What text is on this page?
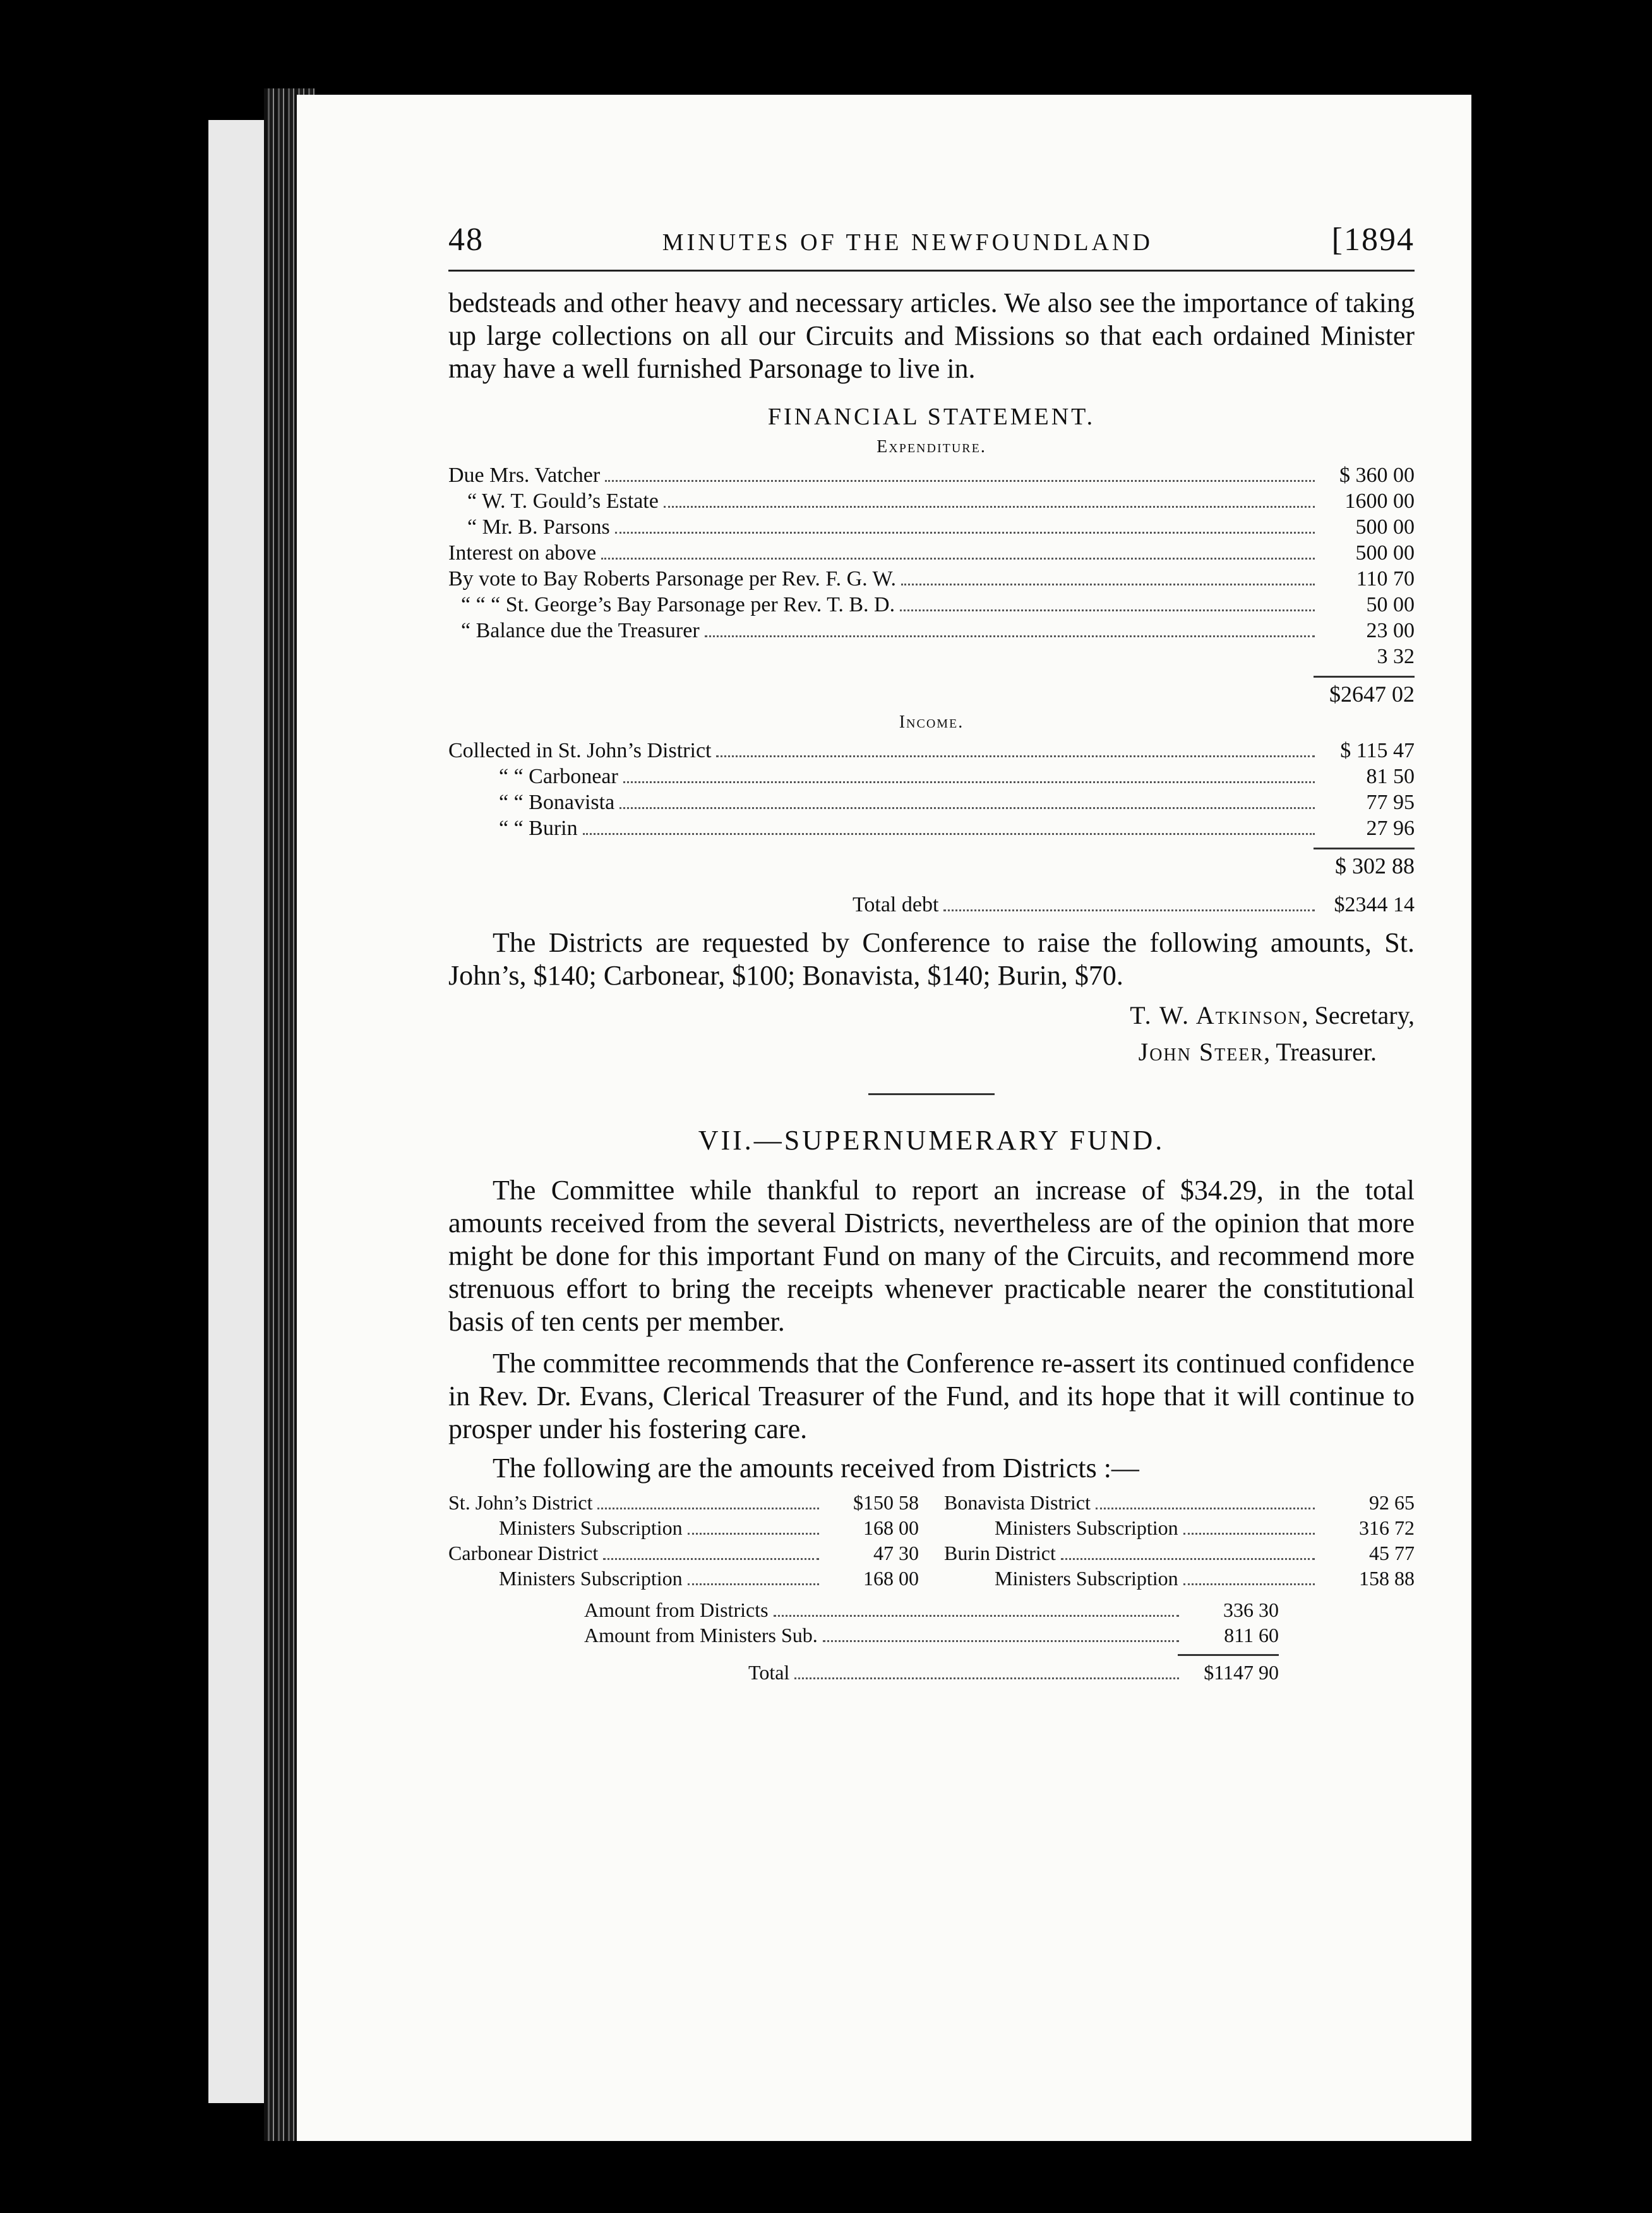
48	MINUTES OF THE NEWFOUNDLAND	[1894

bedsteads and other heavy and necessary articles. We also see the importance of taking up large collections on all our Circuits and Missions so that each ordained Minister may have a well furnished Parsonage to live in.

FINANCIAL STATEMENT.
Expenditure.
Due Mrs. Vatcher	$ 360 00
“ W. T. Gould’s Estate	1600 00
“ Mr. B. Parsons	500 00
Interest on above	500 00
By vote to Bay Roberts Parsonage per Rev. F. G. W.	110 70
“ “ “ St. George’s Bay Parsonage per Rev. T. B. D.	50 00
“ Balance due the Treasurer	23 00
3 32
$2647 02
Income.
Collected in St. John’s District	$ 115 47
“ “ Carbonear	81 50
“ “ Bonavista	77 95
“ “ Burin	27 96
$ 302 88
Total debt	$2344 14

The Districts are requested by Conference to raise the following amounts, St. John’s, $140; Carbonear, $100; Bonavista, $140; Burin, $70.

T. W. Atkinson, Secretary,
John Steer, Treasurer.
VII.—SUPERNUMERARY FUND.

The Committee while thankful to report an increase of $34.29, in the total amounts received from the several Districts, nevertheless are of the opinion that more might be done for this important Fund on many of the Circuits, and recommend more strenuous effort to bring the receipts whenever practicable nearer the constitutional basis of ten cents per member.

The committee recommends that the Conference re-assert its continued confidence in Rev. Dr. Evans, Clerical Treasurer of the Fund, and its hope that it will continue to prosper under his fostering care.

The following are the amounts received from Districts :—

St. John’s District	$150 58
Ministers Subscription	168 00
Carbonear District	47 30
Ministers Subscription	168 00
Bonavista District	92 65
Ministers Subscription	316 72
Burin District	45 77
Ministers Subscription	158 88
Amount from Districts	336 30
Amount from Ministers Sub.	811 60
Total	$1147 90
